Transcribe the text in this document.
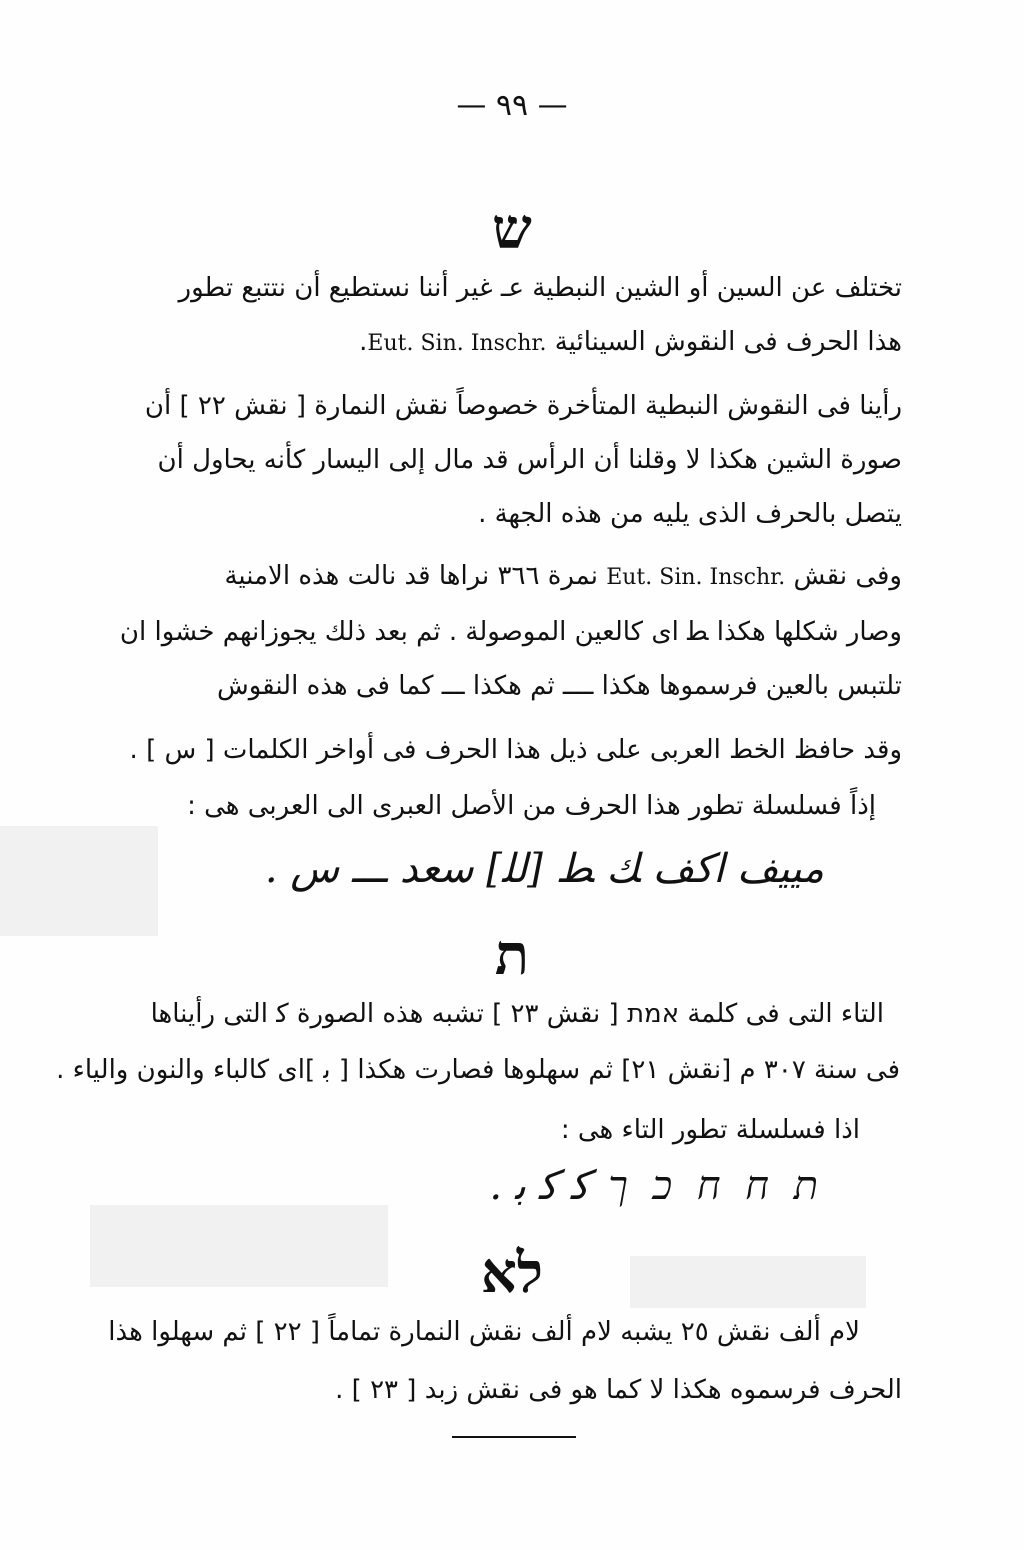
— ٩٩ —
ש
تختلف عن السين أو الشين النبطية ﻋـ غير أننا نستطيع أن نتتبع تطور
هذا الحرف فى النقوش السينائية Eut. Sin. Inschr..
رأينا فى النقوش النبطية المتأخرة خصوصاً نقش النمارة [ نقش ٢٢ ] أن
صورة الشين هكذا ﻻ وقلنا أن الرأس قد مال إلى اليسار كأنه يحاول أن
يتصل بالحرف الذى يليه من هذه الجهة .
وفى نقش Eut. Sin. Inschr. نمرة ٣٦٦ نراها قد نالت هذه الامنية
وصار شكلها هكذا ﻄ اى كالعين الموصولة . ثم بعد ذلك يجوزانهم خشوا ان
تلتبس بالعين فرسموها هكذا ــــ ثم هكذا ـــ كما فى هذه النقوش
وقد حافظ الخط العربى على ذيل هذا الحرف فى أواخر الكلمات [ س ] .
إذاً فسلسلة تطور هذا الحرف من الأصل العبرى الى العربى هى :
ﻣﻴﻴﻒ ﺍﻛﻒ ﻚ ﻂ [ﻟﻠ] ﺳﻌﺪ ـــ س .
ת
التاء التى فى كلمة אמת [ نقش ٢٣ ] تشبه هذه الصورة ﻛ التى رأيناها
فى سنة ٣٠٧ م [نقش ٢١] ثم سهلوها فصارت هكذا [ ﺑ ]اى كالباء والنون والياء .
اذا فسلسلة تطور التاء هى :
ת ח ח כ ך ﻛ ﻛ ﺑ .
לא
لام ألف نقش ٢٥ يشبه لام ألف نقش النمارة تماماً [ ٢٢ ] ثم سهلوا هذا
الحرف فرسموه هكذا ﻻ كما هو فى نقش زبد [ ٢٣ ] .
